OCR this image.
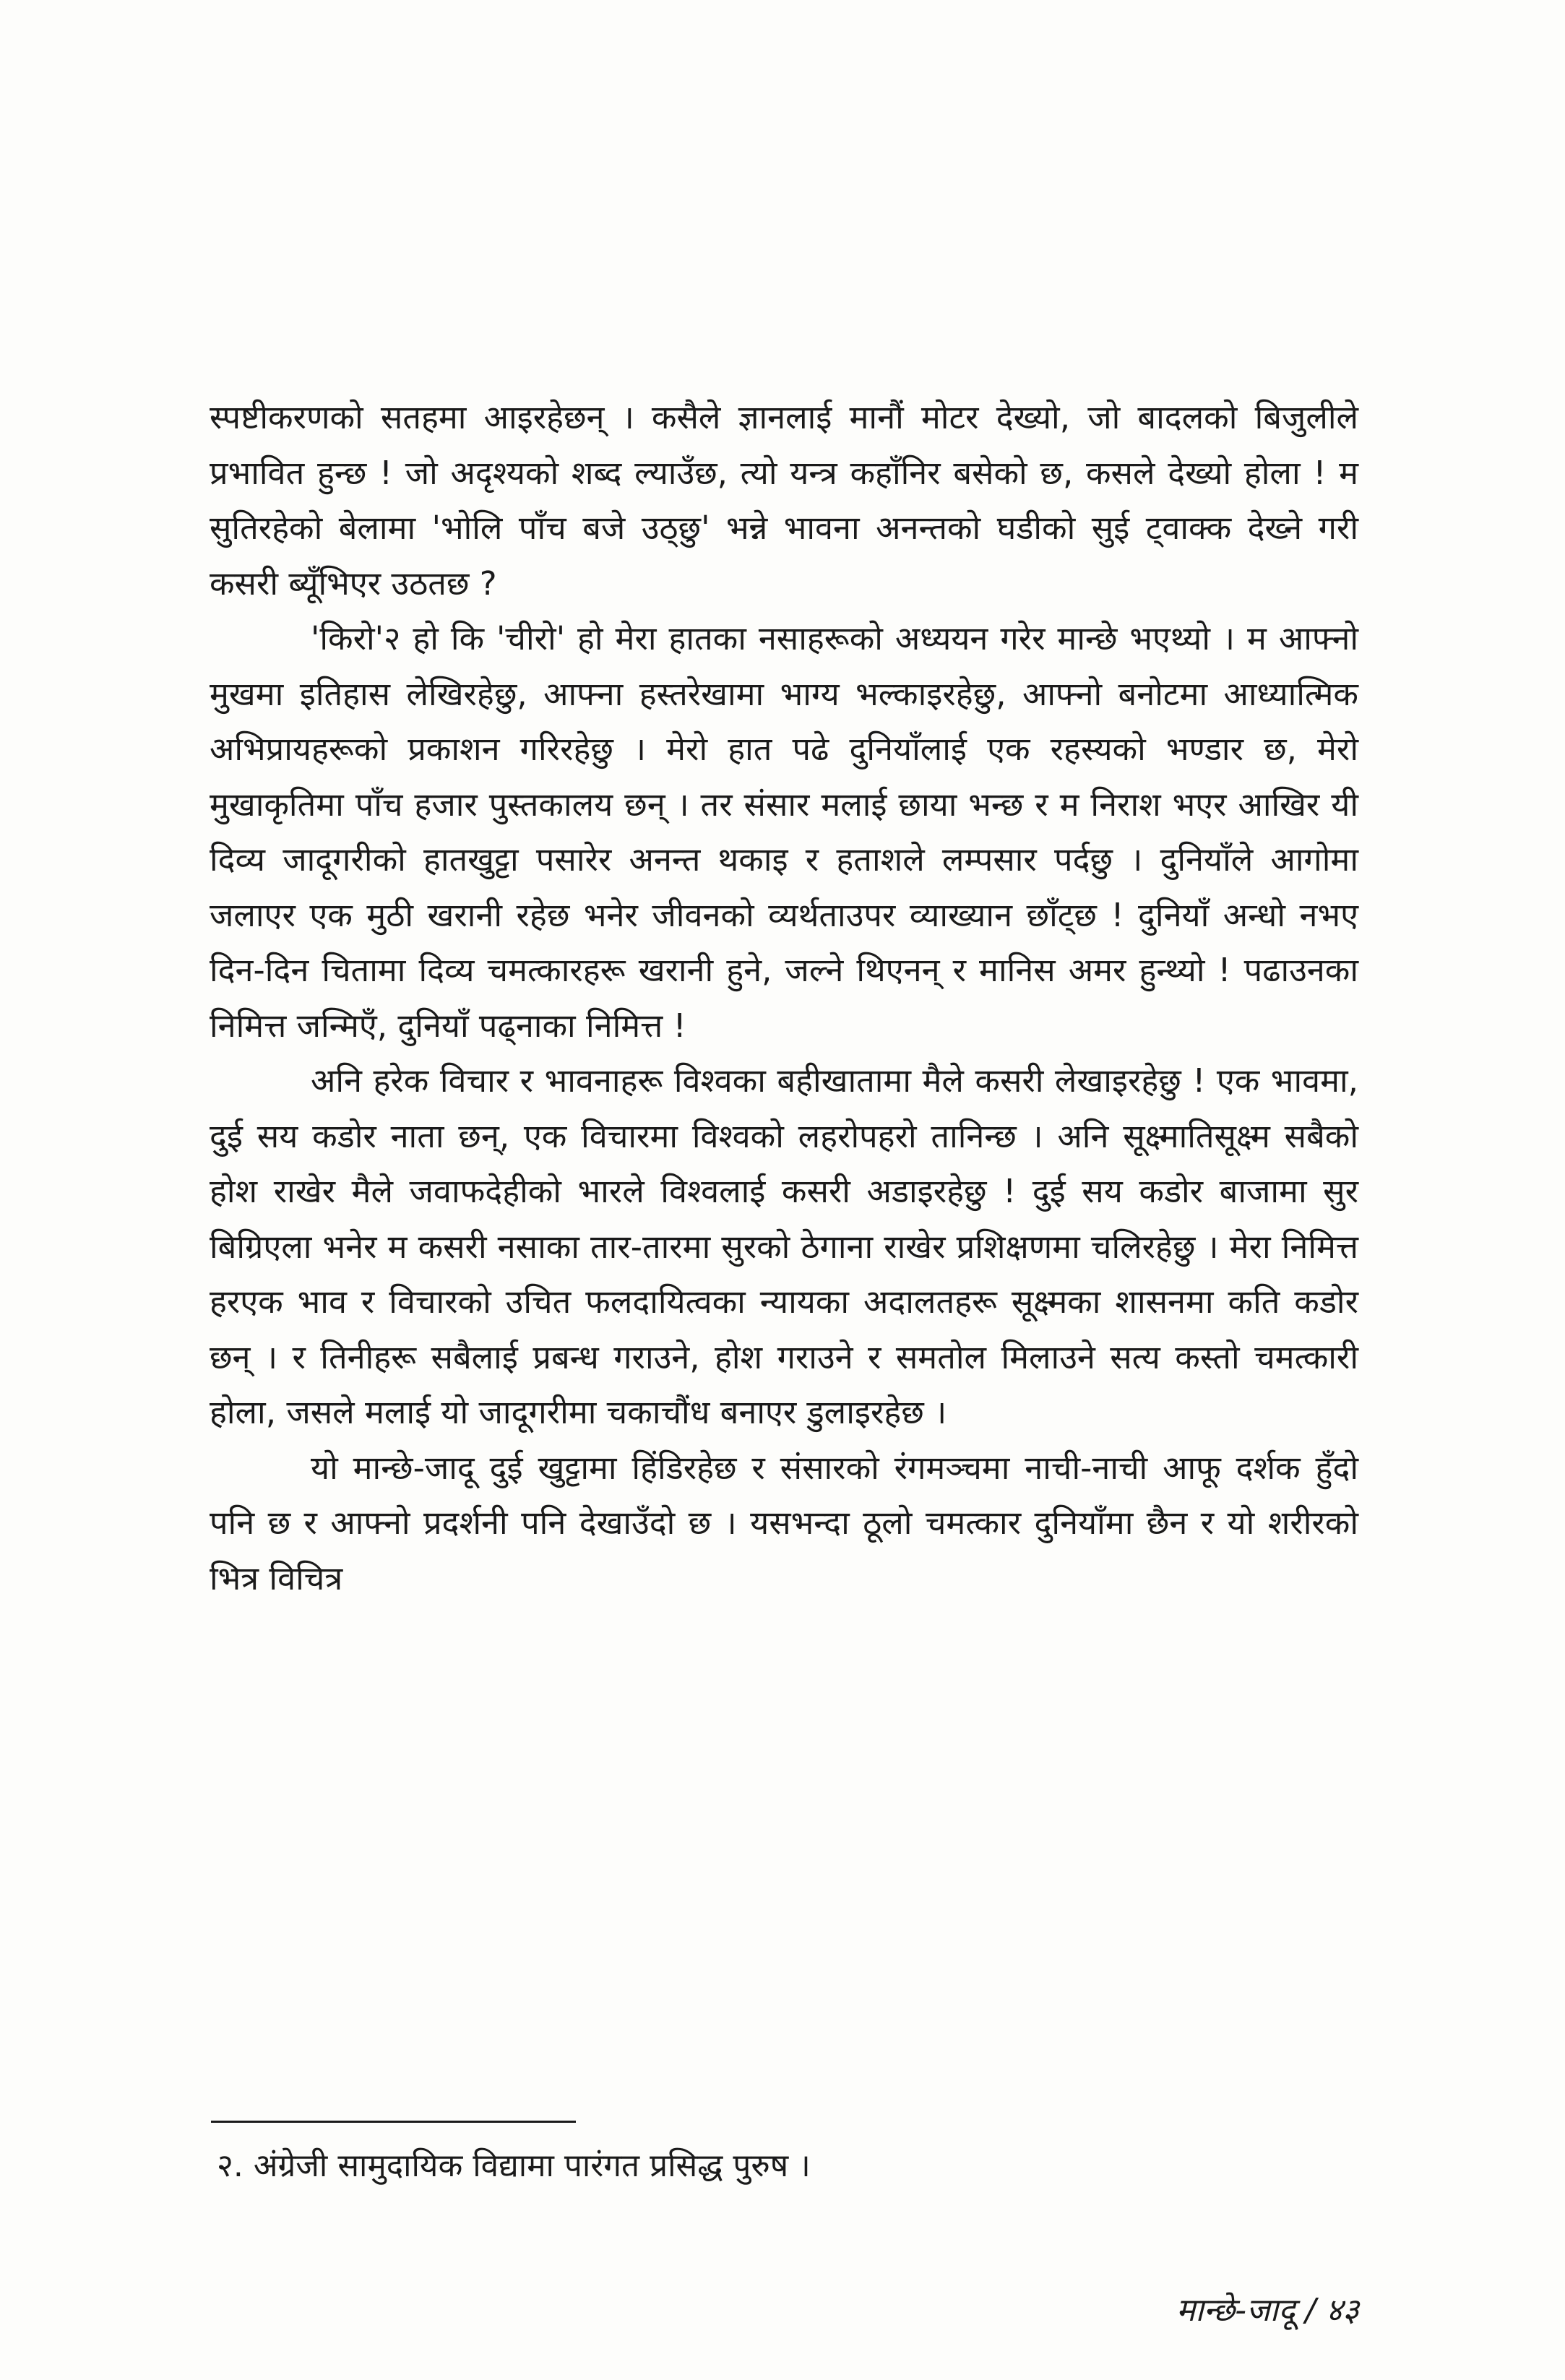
स्पष्टीकरणको सतहमा आइरहेछन् । कसैले ज्ञानलाई मानौं मोटर देख्यो, जो बादलको बिजुलीले प्रभावित हुन्छ ! जो अदृश्यको शब्द ल्याउँछ, त्यो यन्त्र कहाँनिर बसेको छ, कसले देख्यो होला ! म सुतिरहेको बेलामा 'भोलि पाँच बजे उठ्छु' भन्ने भावना अनन्तको घडीको सुई ट्वाक्क देख्ने गरी कसरी ब्यूँभिएर उठतछ ?

'किरो'२ हो कि 'चीरो' हो मेरा हातका नसाहरूको अध्ययन गरेर मान्छे भएथ्यो । म आफ्नो मुखमा इतिहास लेखिरहेछु, आफ्ना हस्तरेखामा भाग्य भल्काइरहेछु, आफ्नो बनोटमा आध्यात्मिक अभिप्रायहरूको प्रकाशन गरिरहेछु । मेरो हात पढे दुनियाँलाई एक रहस्यको भण्डार छ, मेरो मुखाकृतिमा पाँच हजार पुस्तकालय छन् । तर संसार मलाई छाया भन्छ र म निराश भएर आखिर यी दिव्य जादूगरीको हातखुट्टा पसारेर अनन्त थकाइ र हताशले लम्पसार पर्दछु । दुनियाँले आगोमा जलाएर एक मुठी खरानी रहेछ भनेर जीवनको व्यर्थताउपर व्याख्यान छाँट्छ ! दुनियाँ अन्धो नभए दिन-दिन चितामा दिव्य चमत्कारहरू खरानी हुने, जल्ने थिएनन् र मानिस अमर हुन्थ्यो ! पढाउनका निमित्त जन्मिएँ, दुनियाँ पढ्नाका निमित्त !

अनि हरेक विचार र भावनाहरू विश्वका बहीखातामा मैले कसरी लेखाइरहेछु ! एक भावमा, दुई सय कडोर नाता छन्, एक विचारमा विश्वको लहरोपहरो तानिन्छ । अनि सूक्ष्मातिसूक्ष्म सबैको होश राखेर मैले जवाफदेहीको भारले विश्वलाई कसरी अडाइरहेछु ! दुई सय कडोर बाजामा सुर बिग्रिएला भनेर म कसरी नसाका तार-तारमा सुरको ठेगाना राखेर प्रशिक्षणमा चलिरहेछु । मेरा निमित्त हरएक भाव र विचारको उचित फलदायित्वका न्यायका अदालतहरू सूक्ष्मका शासनमा कति कडोर छन् । र तिनीहरू सबैलाई प्रबन्ध गराउने, होश गराउने र समतोल मिलाउने सत्य कस्तो चमत्कारी होला, जसले मलाई यो जादूगरीमा चकाचौंध बनाएर डुलाइरहेछ ।

यो मान्छे-जादू दुई खुट्टामा हिंडिरहेछ र संसारको रंगमञ्चमा नाची-नाची आफू दर्शक हुँदो पनि छ र आफ्नो प्रदर्शनी पनि देखाउँदो छ । यसभन्दा ठूलो चमत्कार दुनियाँमा छैन र यो शरीरको भित्र विचित्र

२. अंग्रेजी सामुदायिक विद्यामा पारंगत प्रसिद्ध पुरुष ।
मान्छे-जादू / ४३
